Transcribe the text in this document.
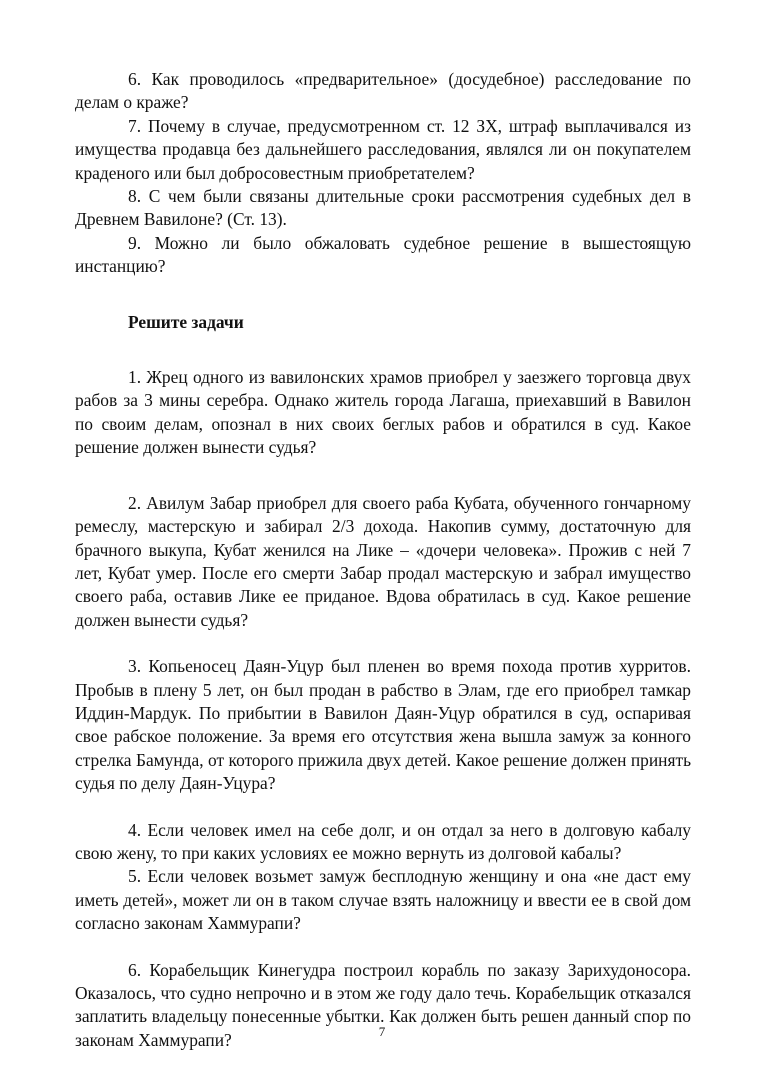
6. Как проводилось «предварительное» (досудебное) расследование по делам о краже?

7. Почему в случае, предусмотренном ст. 12 ЗХ, штраф выплачивался из имущества продавца без дальнейшего расследования, являлся ли он покупателем краденого или был добросовестным приобретателем?

8. С чем были связаны длительные сроки рассмотрения судебных дел в Древнем Вавилоне? (Ст. 13).

9. Можно ли было обжаловать судебное решение в вышестоящую инстанцию?

Решите задачи

1. Жрец одного из вавилонских храмов приобрел у заезжего торговца двух рабов за 3 мины серебра. Однако житель города Лагаша, приехавший в Вавилон по своим делам, опознал в них своих беглых рабов и обратился в суд. Какое решение должен вынести судья?

2. Авилум Забар приобрел для своего раба Кубата, обученного гончарному ремеслу, мастерскую и забирал 2/3 дохода. Накопив сумму, достаточную для брачного выкупа, Кубат женился на Лике – «дочери человека». Прожив с ней 7 лет, Кубат умер. После его смерти Забар продал мастерскую и забрал имущество своего раба, оставив Лике ее приданое. Вдова обратилась в суд. Какое решение должен вынести судья?

3. Копьеносец Даян-Уцур был пленен во время похода против хурритов. Пробыв в плену 5 лет, он был продан в рабство в Элам, где его приобрел тамкар Иддин-Мардук. По прибытии в Вавилон Даян-Уцур обратился в суд, оспаривая свое рабское положение. За время его отсутствия жена вышла замуж за конного стрелка Бамунда, от которого прижила двух детей. Какое решение должен принять судья по делу Даян-Уцура?

4. Если человек имел на себе долг, и он отдал за него в долговую кабалу свою жену, то при каких условиях ее можно вернуть из долговой кабалы?

5. Если человек возьмет замуж бесплодную женщину и она «не даст ему иметь детей», может ли он в таком случае взять наложницу и ввести ее в свой дом согласно законам Хаммурапи?

6. Корабельщик Кинегудра построил корабль по заказу Зарихудоносора. Оказалось, что судно непрочно и в этом же году дало течь. Корабельщик отказался заплатить владельцу понесенные убытки. Как должен быть решен данный спор по законам Хаммурапи?	7
